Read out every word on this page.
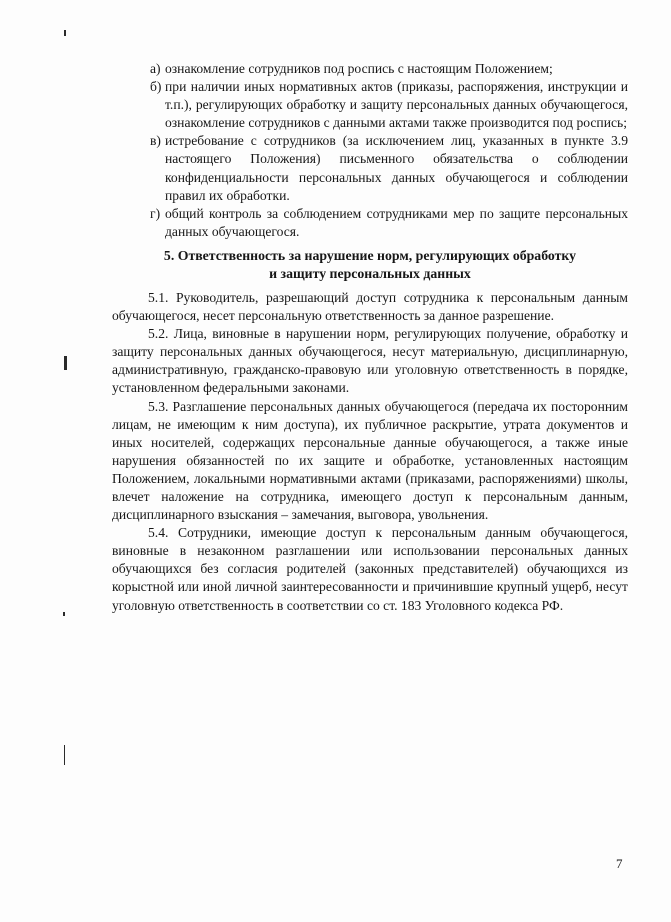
а) ознакомление сотрудников под роспись с настоящим Положением;
б) при наличии иных нормативных актов (приказы, распоряжения, инструкции и т.п.), регулирующих обработку и защиту персональных данных обучающегося, ознакомление сотрудников с данными актами также производится под роспись;
в) истребование с сотрудников (за исключением лиц, указанных в пункте 3.9 настоящего Положения) письменного обязательства о соблюдении конфиденциальности персональных данных обучающегося и соблюдении правил их обработки.
г) общий контроль за соблюдением сотрудниками мер по защите персональных данных обучающегося.
5. Ответственность за нарушение норм, регулирующих обработку
и защиту персональных данных
5.1. Руководитель, разрешающий доступ сотрудника к персональным данным обучающегося, несет персональную ответственность за данное разрешение.
5.2. Лица, виновные в нарушении норм, регулирующих получение, обработку и защиту персональных данных обучающегося, несут материальную, дисциплинарную, административную, гражданско-правовую или уголовную ответственность в порядке, установленном федеральными законами.
5.3. Разглашение персональных данных обучающегося (передача их посторонним лицам, не имеющим к ним доступа), их публичное раскрытие, утрата документов и иных носителей, содержащих персональные данные обучающегося, а также иные нарушения обязанностей по их защите и обработке, установленных настоящим Положением, локальными нормативными актами (приказами, распоряжениями) школы, влечет наложение на сотрудника, имеющего доступ к персональным данным, дисциплинарного взыскания – замечания, выговора, увольнения.
5.4. Сотрудники, имеющие доступ к персональным данным обучающегося, виновные в незаконном разглашении или использовании персональных данных обучающихся без согласия родителей (законных представителей) обучающихся из корыстной или иной личной заинтересованности и причинившие крупный ущерб, несут уголовную ответственность в соответствии со ст. 183 Уголовного кодекса РФ.
7
